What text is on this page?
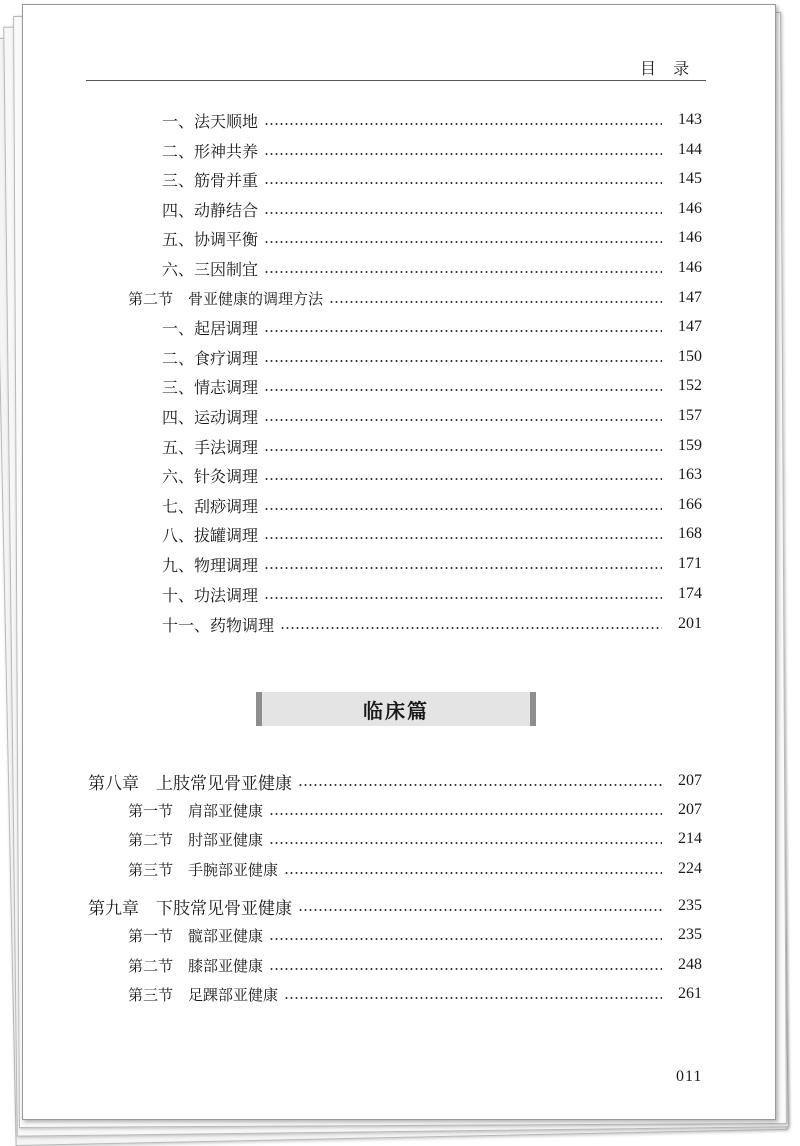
目 录
一、法天顺地	143
二、形神共养	144
三、筋骨并重	145
四、动静结合	146
五、协调平衡	146
六、三因制宜	146
第二节　骨亚健康的调理方法	147
一、起居调理	147
二、食疗调理	150
三、情志调理	152
四、运动调理	157
五、手法调理	159
六、针灸调理	163
七、刮痧调理	166
八、拔罐调理	168
九、物理调理	171
十、功法调理	174
十一、药物调理	201
临床篇
第八章　上肢常见骨亚健康	207
第一节　肩部亚健康	207
第二节　肘部亚健康	214
第三节　手腕部亚健康	224
第九章　下肢常见骨亚健康	235
第一节　髋部亚健康	235
第二节　膝部亚健康	248
第三节　足踝部亚健康	261
011
